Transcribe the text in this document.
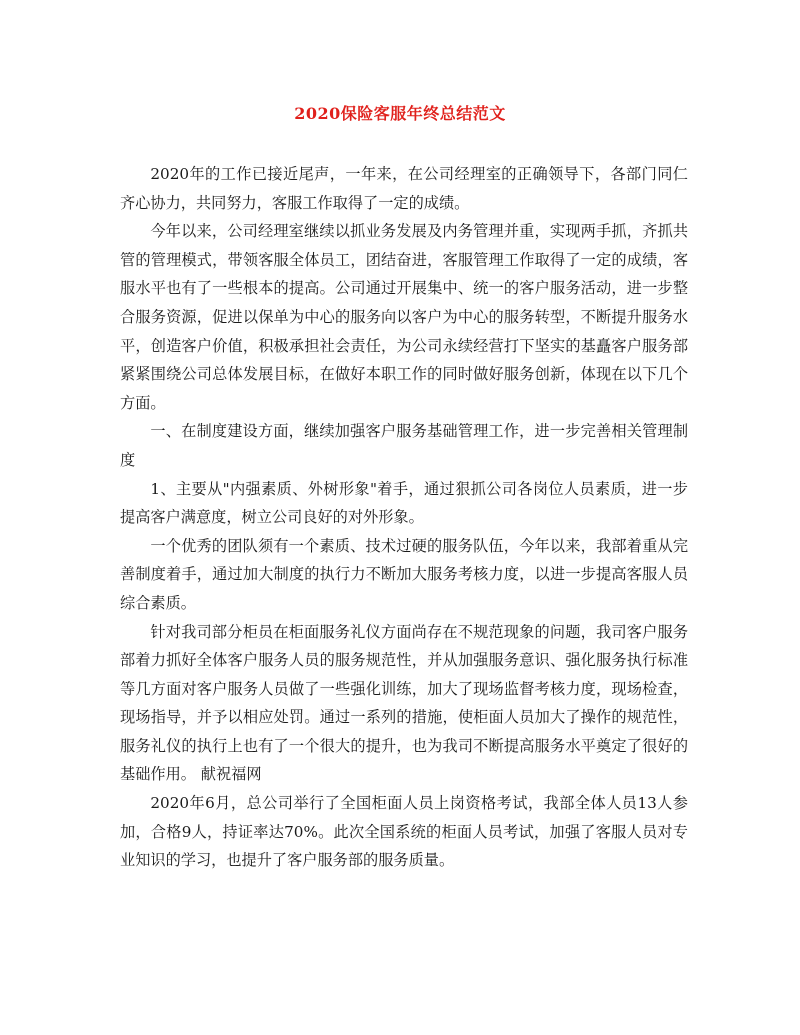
2020保险客服年终总结范文

2020年的工作已接近尾声，一年来，在公司经理室的正确领导下，各部门同仁齐心协力，共同努力，客服工作取得了一定的成绩。

今年以来，公司经理室继续以抓业务发展及内务管理并重，实现两手抓，齐抓共管的管理模式，带领客服全体员工，团结奋进，客服管理工作取得了一定的成绩，客服水平也有了一些根本的提高。公司通过开展集中、统一的客户服务活动，进一步整合服务资源，促进以保单为中心的服务向以客户为中心的服务转型，不断提升服务水平，创造客户价值，积极承担社会责任，为公司永续经营打下坚实的基矗客户服务部紧紧围绕公司总体发展目标，在做好本职工作的同时做好服务创新，体现在以下几个方面。

一、在制度建设方面，继续加强客户服务基础管理工作，进一步完善相关管理制度

1、主要从"内强素质、外树形象"着手，通过狠抓公司各岗位人员素质，进一步提高客户满意度，树立公司良好的对外形象。

一个优秀的团队须有一个素质、技术过硬的服务队伍，今年以来，我部着重从完善制度着手，通过加大制度的执行力不断加大服务考核力度，以进一步提高客服人员综合素质。

针对我司部分柜员在柜面服务礼仪方面尚存在不规范现象的问题，我司客户服务部着力抓好全体客户服务人员的服务规范性，并从加强服务意识、强化服务执行标准等几方面对客户服务人员做了一些强化训练，加大了现场监督考核力度，现场检查，现场指导，并予以相应处罚。通过一系列的措施，使柜面人员加大了操作的规范性，服务礼仪的执行上也有了一个很大的提升，也为我司不断提高服务水平奠定了很好的基础作用。 献祝福网

2020年6月，总公司举行了全国柜面人员上岗资格考试，我部全体人员13人参加，合格9人，持证率达70%。此次全国系统的柜面人员考试，加强了客服人员对专业知识的学习，也提升了客户服务部的服务质量。
